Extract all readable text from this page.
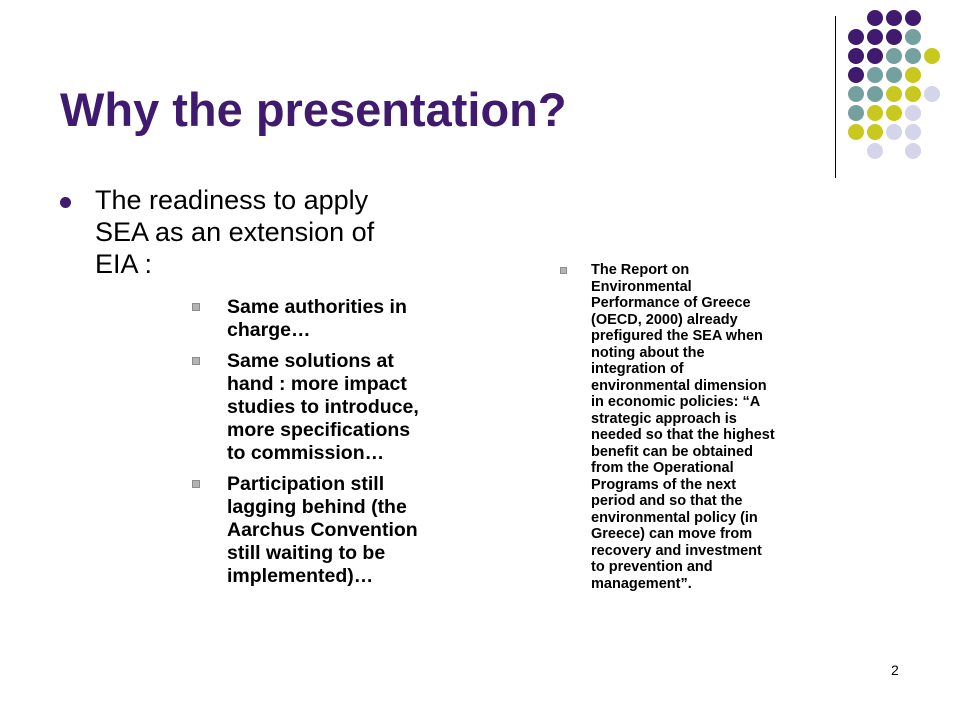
Why the presentation?
The readiness to apply
SEA as an extension of
EIA :
Same authorities in
charge…
Same solutions at
hand : more impact
studies to introduce,
more specifications
to commission…
Participation still
lagging behind (the
Aarchus Convention
still waiting to be
implemented)…
The Report on
Environmental
Performance of Greece
(OECD, 2000) already
prefigured the SEA when
noting about the
integration of
environmental dimension
in economic policies: “A
strategic approach is
needed so that the highest
benefit can be obtained
from the Operational
Programs of the next
period and so that the
environmental policy (in
Greece) can move from
recovery and investment
to prevention and
management”.
2
